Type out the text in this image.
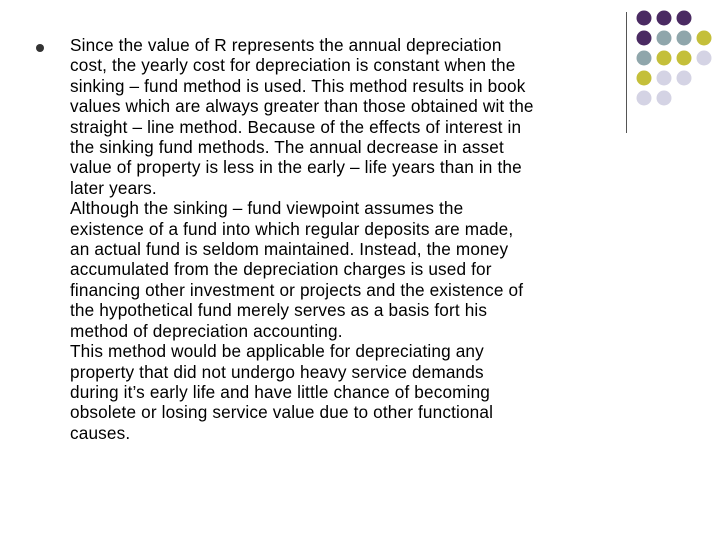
Since the value of R represents the annual depreciation
cost, the yearly cost for depreciation is constant when the
sinking – fund method is used. This method results in book
values which are always greater than those obtained wit the
straight – line method. Because of the effects of interest in
the sinking fund methods. The annual decrease in asset
value of property is less in the early – life years than in the
later years.

Although the sinking – fund viewpoint assumes the
existence of a fund into which regular deposits are made,
an actual fund is seldom maintained. Instead, the money
accumulated from the depreciation charges is used for
financing other investment or projects and the existence of
the hypothetical fund merely serves as a basis fort his
method of depreciation accounting.

This method would be applicable for depreciating any
property that did not undergo heavy service demands
during it’s early life and have little chance of becoming
obsolete or losing service value due to other functional
causes.
